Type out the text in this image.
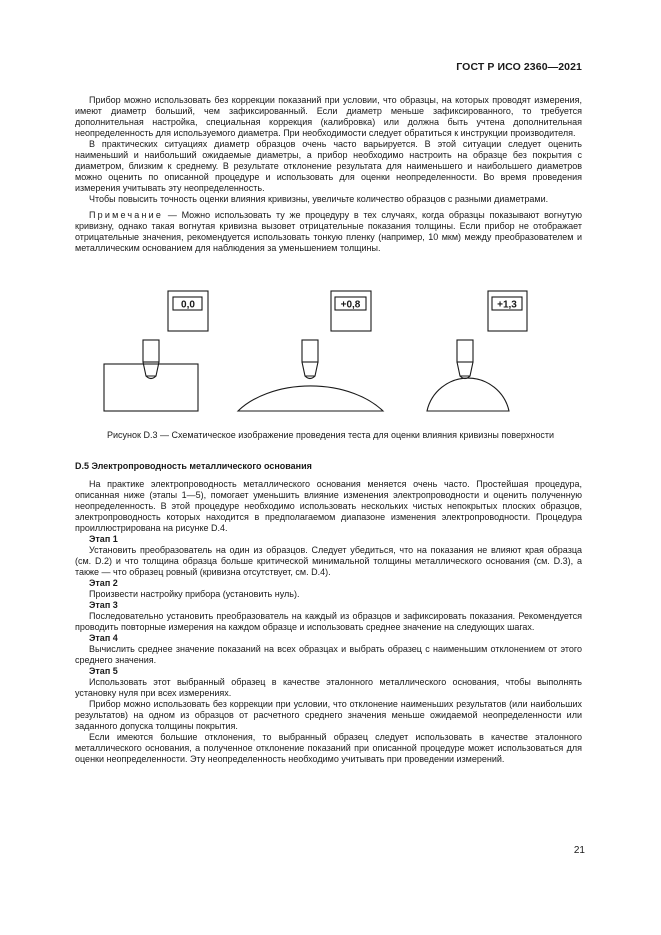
ГОСТ Р ИСО 2360—2021

Прибор можно использовать без коррекции показаний при условии, что образцы, на которых проводят измерения, имеют диаметр больший, чем зафиксированный. Если диаметр меньше зафиксированного, то требуется дополнительная настройка, специальная коррекция (калибровка) или должна быть учтена дополнительная неопределенность для используемого диаметра. При необходимости следует обратиться к инструкции производителя.

В практических ситуациях диаметр образцов очень часто варьируется. В этой ситуации следует оценить наименьший и наибольший ожидаемые диаметры, а прибор необходимо настроить на образце без покрытия с диаметром, близким к среднему. В результате отклонение результата для наименьшего и наибольшего диаметров можно оценить по описанной процедуре и использовать для оценки неопределенности. Во время проведения измерения учитывать эту неопределенность.

Чтобы повысить точность оценки влияния кривизны, увеличьте количество образцов с разными диаметрами.

Примечание — Можно использовать ту же процедуру в тех случаях, когда образцы показывают вогнутую кривизну, однако такая вогнутая кривизна вызовет отрицательные показания толщины. Если прибор не отображает отрицательные значения, рекомендуется использовать тонкую пленку (например, 10 мкм) между преобразователем и металлическим основанием для наблюдения за уменьшением толщины.

0,0	+0,8	+1,3
Рисунок D.3 — Схематическое изображение проведения теста для оценки влияния кривизны поверхности

D.5 Электропроводность металлического основания

На практике электропроводность металлического основания меняется очень часто. Простейшая процедура, описанная ниже (этапы 1—5), помогает уменьшить влияние изменения электропроводности и оценить полученную неопределенность. В этой процедуре необходимо использовать нескольких чистых непокрытых плоских образцов, электропроводность которых находится в предполагаемом диапазоне изменения электропроводности. Процедура проиллюстрирована на рисунке D.4.

Этап 1

Установить преобразователь на один из образцов. Следует убедиться, что на показания не влияют края образца (см. D.2) и что толщина образца больше критической минимальной толщины металлического основания (см. D.3), а также — что образец ровный (кривизна отсутствует, см. D.4).

Этап 2

Произвести настройку прибора (установить нуль).

Этап 3

Последовательно установить преобразователь на каждый из образцов и зафиксировать показания. Рекомендуется проводить повторные измерения на каждом образце и использовать среднее значение на следующих шагах.

Этап 4

Вычислить среднее значение показаний на всех образцах и выбрать образец с наименьшим отклонением от этого среднего значения.

Этап 5

Использовать этот выбранный образец в качестве эталонного металлического основания, чтобы выполнять установку нуля при всех измерениях.

Прибор можно использовать без коррекции при условии, что отклонение наименьших результатов (или наибольших результатов) на одном из образцов от расчетного среднего значения меньше ожидаемой неопределенности или заданного допуска толщины покрытия.

Если имеются большие отклонения, то выбранный образец следует использовать в качестве эталонного металлического основания, а полученное отклонение показаний при описанной процедуре может использоваться для оценки неопределенности. Эту неопределенность необходимо учитывать при проведении измерений.

21
